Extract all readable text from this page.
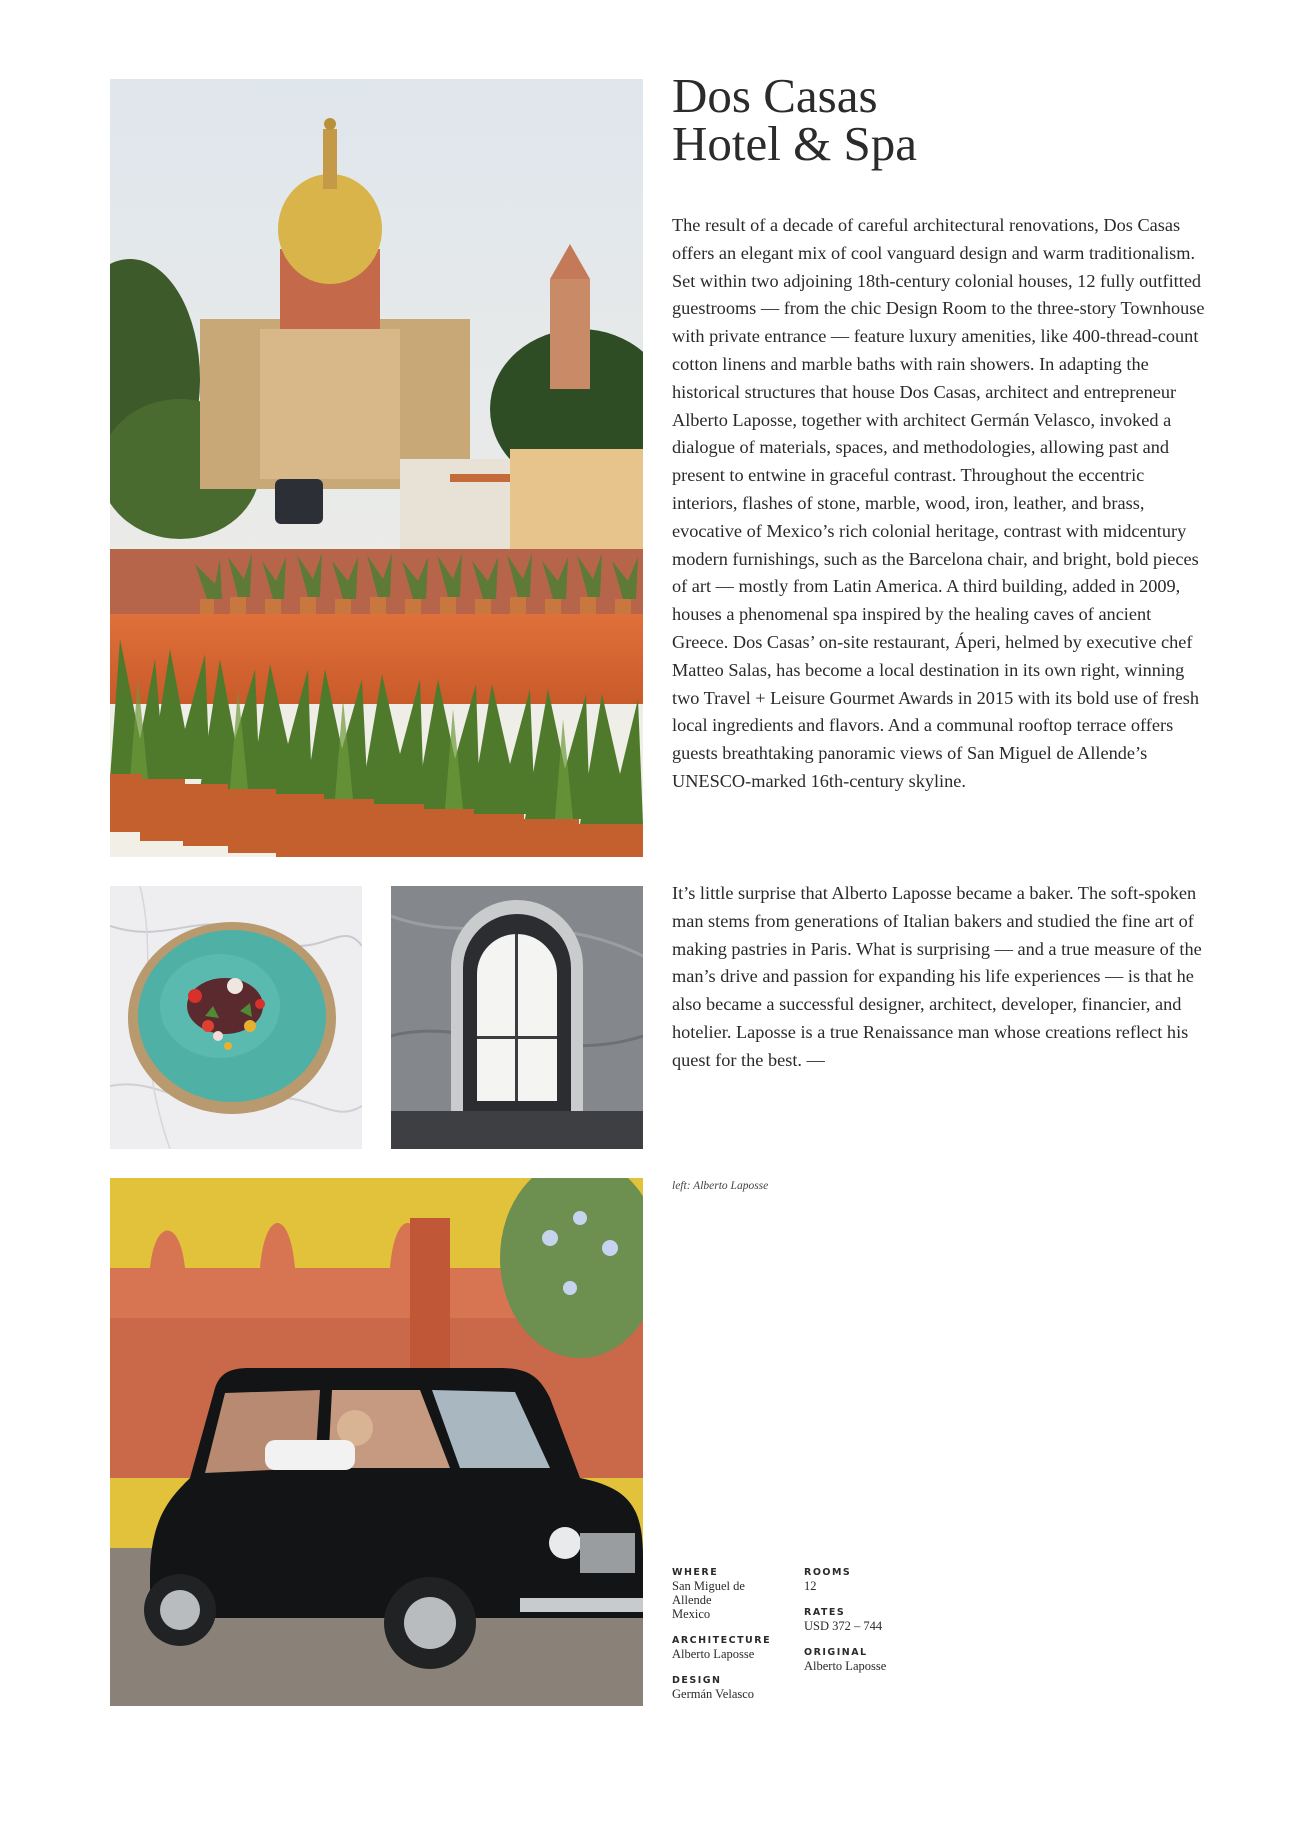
Dos Casas
Hotel & Spa

The result of a decade of careful architectural renovations, Dos Casas offers an elegant mix of cool vanguard design and warm traditionalism. Set within two adjoining 18th-century colonial houses, 12 fully outfitted guestrooms — from the chic Design Room to the three-story Townhouse with private entrance — feature luxury amenities, like 400-thread-count cotton linens and marble baths with rain showers. In adapting the historical structures that house Dos Casas, architect and entrepreneur Alberto Laposse, together with architect Germán Velasco, invoked a dialogue of materials, spaces, and methodologies, allowing past and present to entwine in graceful contrast. Throughout the eccentric interiors, flashes of stone, marble, wood, iron, leather, and brass, evocative of Mexico’s rich colonial heritage, contrast with midcentury modern furnishings, such as the Barcelona chair, and bright, bold pieces of art — mostly from Latin America. A third building, added in 2009, houses a phenomenal spa inspired by the healing caves of ancient Greece. Dos Casas’ on-site restaurant, Áperi, helmed by executive chef Matteo Salas, has become a local destination in its own right, winning two Travel + Leisure Gourmet Awards in 2015 with its bold use of fresh local ingredients and flavors. And a communal rooftop terrace offers guests breathtaking panoramic views of San Miguel de Allende’s UNESCO-marked 16th-century skyline.

It’s little surprise that Alberto Laposse became a baker. The soft-spoken man stems from generations of Italian bakers and studied the fine art of making pastries in Paris. What is surprising — and a true measure of the man’s drive and passion for expanding his life experiences — is that he also became a successful designer, architect, developer, financier, and hotelier. Laposse is a true Renaissance man whose creations reflect his quest for the best. —

left: Alberto Laposse
WHERE
San Miguel de
Allende
Mexico
ARCHITECTURE
Alberto Laposse
DESIGN
Germán Velasco
ROOMS
12
RATES
USD 372 – 744
ORIGINAL
Alberto Laposse
